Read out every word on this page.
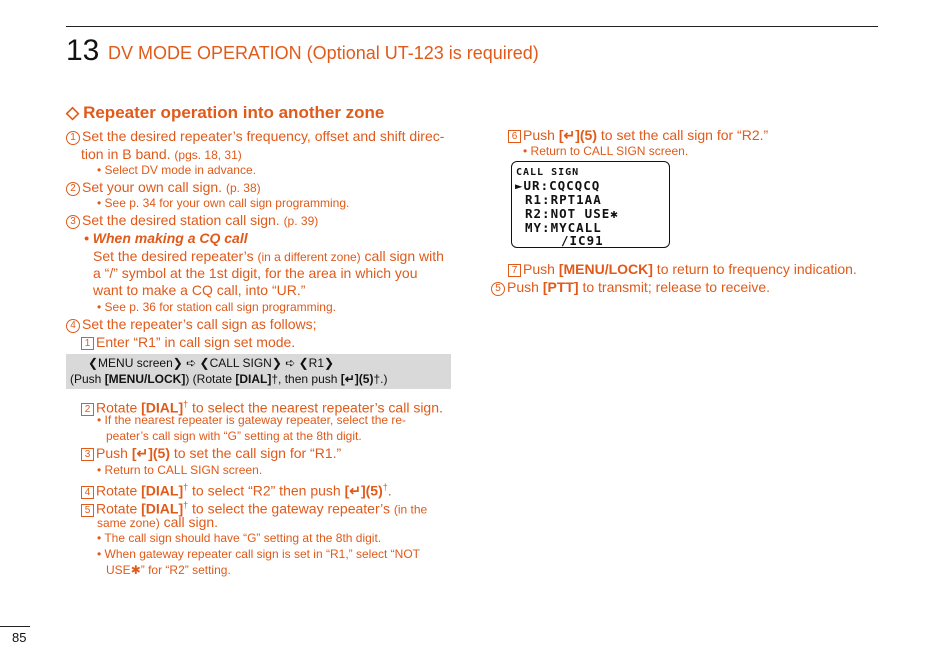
13 DV MODE OPERATION (Optional UT-123 is required)
◇ Repeater operation into another zone
1 Set the desired repeater’s frequency, offset and shift direc-
tion in B band. (pgs. 18, 31)
• Select DV mode in advance.
2 Set your own call sign. (p. 38)
• See p. 34 for your own call sign programming.
3 Set the desired station call sign. (p. 39)
• When making a CQ call
Set the desired repeater’s (in a different zone) call sign with
a “/” symbol at the 1st digit, for the area in which you
want to make a CQ call, into “UR.”
• See p. 36 for station call sign programming.
4 Set the repeater’s call sign as follows;
1 Enter “R1” in call sign set mode.
❮MENU screen❯ ➪ ❮CALL SIGN❯ ➪ ❮R1❯
(Push [MENU/LOCK]) (Rotate [DIAL]†, then push [↵](5)†.)
2 Rotate [DIAL]† to select the nearest repeater’s call sign.
• If the nearest repeater is gateway repeater, select the re-
peater’s call sign with “G” setting at the 8th digit.
3 Push [↵](5) to set the call sign for “R1.”
• Return to CALL SIGN screen.
4 Rotate [DIAL]† to select “R2” then push [↵](5)†.
5 Rotate [DIAL]† to select the gateway repeater’s (in the
same zone) call sign.
• The call sign should have “G” setting at the 8th digit.
• When gateway repeater call sign is set in “R1,” select “NOT
USE✱” for “R2” setting.
6 Push [↵](5) to set the call sign for “R2.”
• Return to CALL SIGN screen.
CALL SIGN
►UR:CQCQCQ
R1:RPT1AA
R2:NOT USE✱
MY:MYCALL
/IC91
7 Push [MENU/LOCK] to return to frequency indication.
5 Push [PTT] to transmit; release to receive.
85
